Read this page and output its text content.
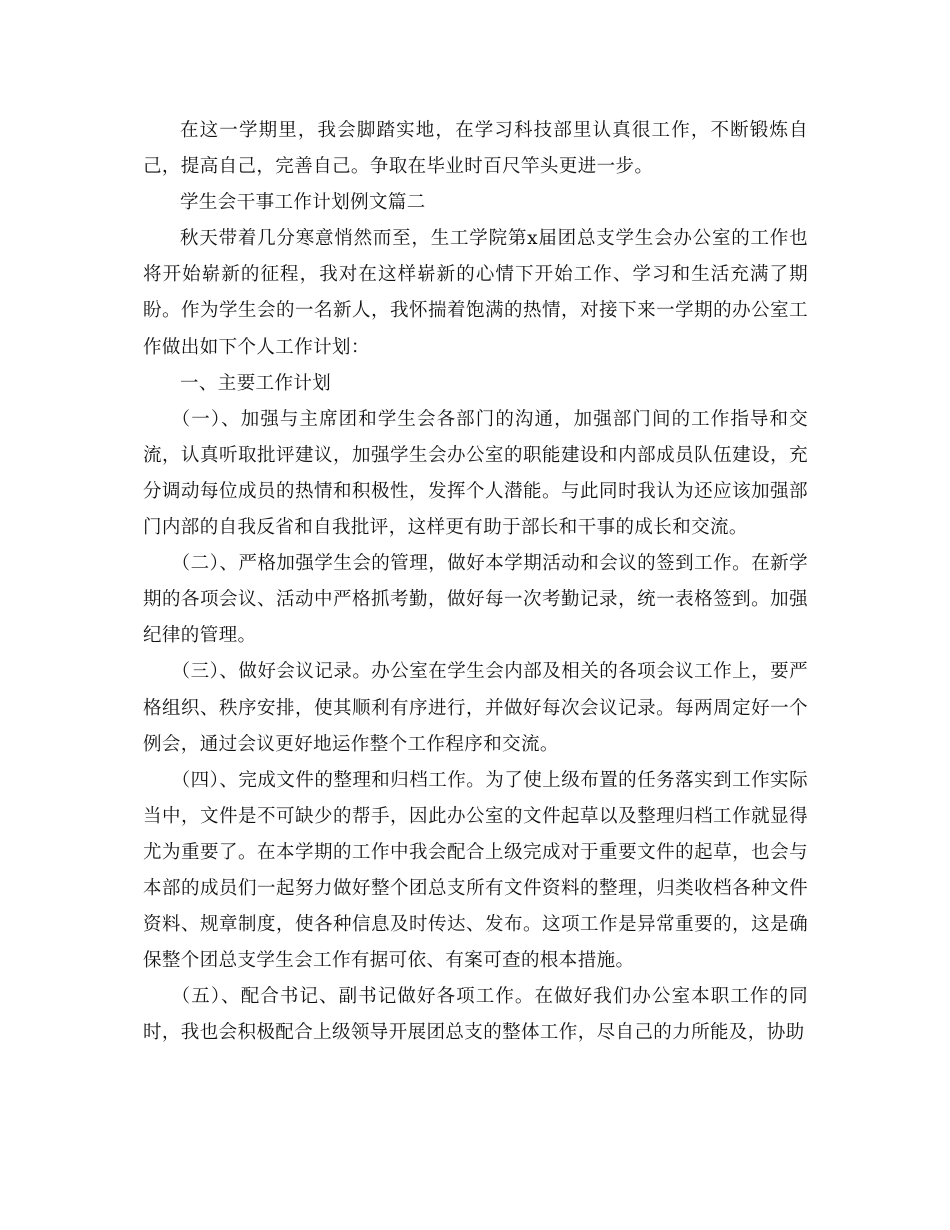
在这一学期里，我会脚踏实地，在学习科技部里认真很工作，不断锻炼自己，提高自己，完善自己。争取在毕业时百尺竿头更进一步。

学生会干事工作计划例文篇二

秋天带着几分寒意悄然而至，生工学院第x届团总支学生会办公室的工作也将开始崭新的征程，我对在这样崭新的心情下开始工作、学习和生活充满了期盼。作为学生会的一名新人，我怀揣着饱满的热情，对接下来一学期的办公室工作做出如下个人工作计划：

一、主要工作计划

（一）、加强与主席团和学生会各部门的沟通，加强部门间的工作指导和交流，认真听取批评建议，加强学生会办公室的职能建设和内部成员队伍建设，充分调动每位成员的热情和积极性，发挥个人潜能。与此同时我认为还应该加强部门内部的自我反省和自我批评，这样更有助于部长和干事的成长和交流。

（二）、严格加强学生会的管理，做好本学期活动和会议的签到工作。在新学期的各项会议、活动中严格抓考勤，做好每一次考勤记录，统一表格签到。加强纪律的管理。

（三）、做好会议记录。办公室在学生会内部及相关的各项会议工作上，要严格组织、秩序安排，使其顺利有序进行，并做好每次会议记录。每两周定好一个例会，通过会议更好地运作整个工作程序和交流。

（四）、完成文件的整理和归档工作。为了使上级布置的任务落实到工作实际当中，文件是不可缺少的帮手，因此办公室的文件起草以及整理归档工作就显得尤为重要了。在本学期的工作中我会配合上级完成对于重要文件的起草，也会与本部的成员们一起努力做好整个团总支所有文件资料的整理，归类收档各种文件资料、规章制度，使各种信息及时传达、发布。这项工作是异常重要的，这是确保整个团总支学生会工作有据可依、有案可查的根本措施。

（五）、配合书记、副书记做好各项工作。在做好我们办公室本职工作的同时，我也会积极配合上级领导开展团总支的整体工作，尽自己的力所能及，协助
